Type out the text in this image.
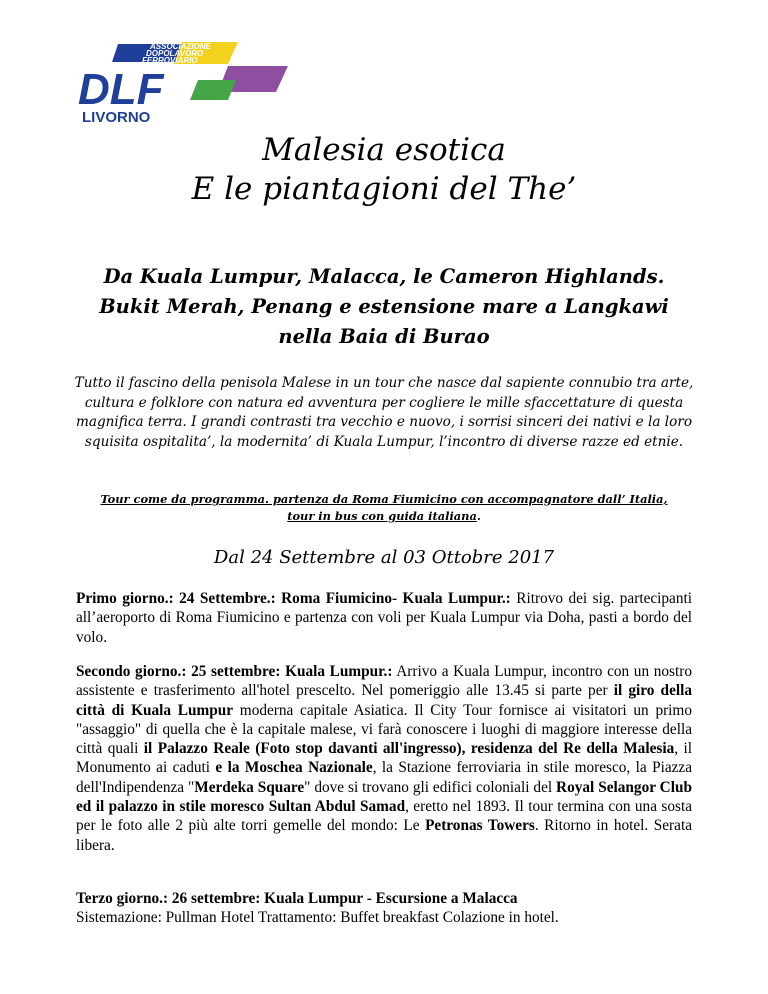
ASSOCIAZIONE
DOPOLAVORO
FERROVIARIO
DLF
LIVORNO
Malesia esotica
E le piantagioni del The’

Da Kuala Lumpur, Malacca, le Cameron Highlands. Bukit Merah, Penang e estensione mare a Langkawi nella Baia di Burao

Tutto il fascino della penisola Malese in un tour che nasce dal sapiente connubio tra arte, cultura e folklore con natura ed avventura per cogliere le mille sfaccettature di questa magnifica terra. I grandi contrasti tra vecchio e nuovo, i sorrisi sinceri dei nativi e la loro squisita ospitalita’, la modernita’ di Kuala Lumpur, l’incontro di diverse razze ed etnie.

Tour come da programma. partenza da Roma Fiumicino con accompagnatore dall’ Italia, tour in bus con guida italiana.

Dal 24 Settembre al 03 Ottobre 2017

Primo giorno.: 24 Settembre.: Roma Fiumicino- Kuala Lumpur.: Ritrovo dei sig. partecipanti all’aeroporto di Roma Fiumicino e partenza con voli per Kuala Lumpur via Doha, pasti a bordo del volo.

Secondo giorno.: 25 settembre: Kuala Lumpur.: Arrivo a Kuala Lumpur, incontro con un nostro assistente e trasferimento all'hotel prescelto. Nel pomeriggio alle 13.45 si parte per il giro della città di Kuala Lumpur moderna capitale Asiatica. Il City Tour fornisce ai visitatori un primo "assaggio" di quella che è la capitale malese, vi farà conoscere i luoghi di maggiore interesse della città quali il Palazzo Reale (Foto stop davanti all'ingresso), residenza del Re della Malesia, il Monumento ai caduti e la Moschea Nazionale, la Stazione ferroviaria in stile moresco, la Piazza dell'Indipendenza "Merdeka Square" dove si trovano gli edifici coloniali del Royal Selangor Club ed il palazzo in stile moresco Sultan Abdul Samad, eretto nel 1893. Il tour termina con una sosta per le foto alle 2 più alte torri gemelle del mondo: Le Petronas Towers. Ritorno in hotel. Serata libera.

Terzo giorno.: 26 settembre: Kuala Lumpur - Escursione a Malacca
Sistemazione: Pullman Hotel Trattamento: Buffet breakfast Colazione in hotel.
